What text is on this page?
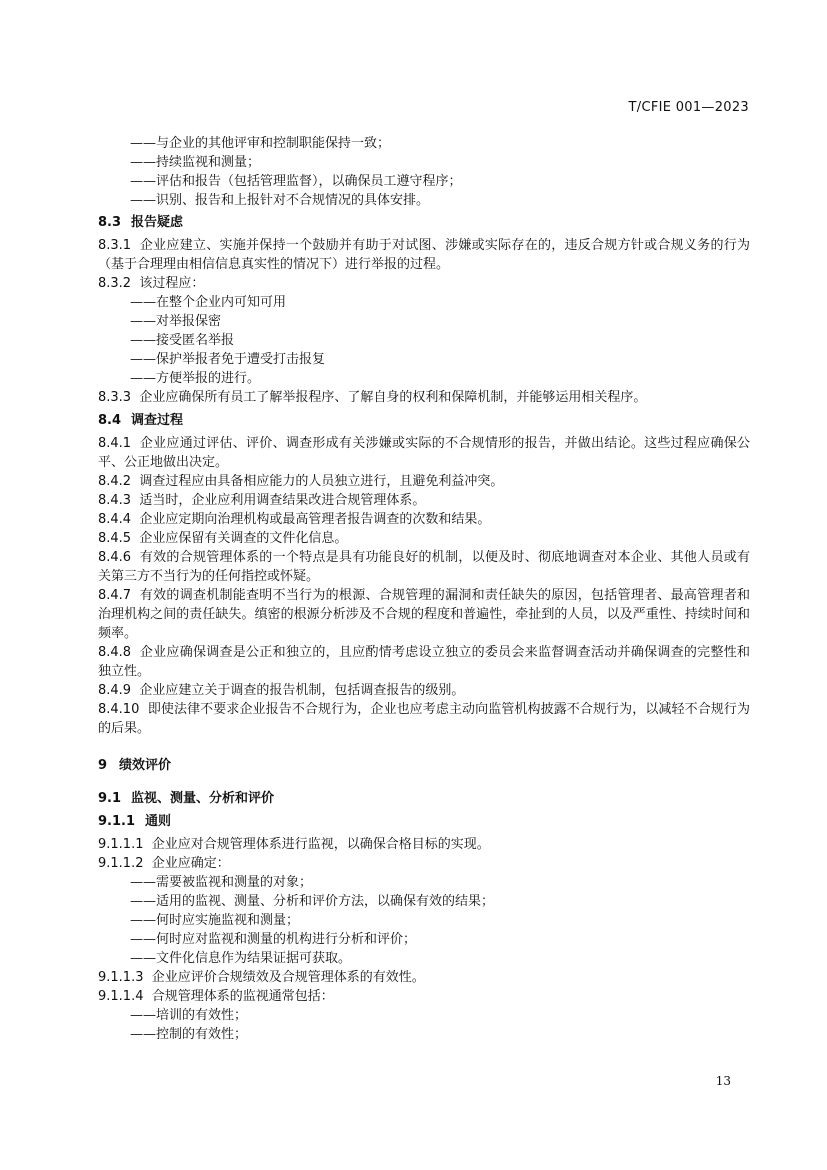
T/CFIE 001—2023

——与企业的其他评审和控制职能保持一致；

——持续监视和测量；

——评估和报告（包括管理监督），以确保员工遵守程序；

——识别、报告和上报针对不合规情况的具体安排。

8.3 报告疑虑

8.3.1 企业应建立、实施并保持一个鼓励并有助于对试图、涉嫌或实际存在的，违反合规方针或合规义务的行为（基于合理理由相信信息真实性的情况下）进行举报的过程。

8.3.2 该过程应：

——在整个企业内可知可用

——对举报保密

——接受匿名举报

——保护举报者免于遭受打击报复

——方便举报的进行。

8.3.3 企业应确保所有员工了解举报程序、了解自身的权利和保障机制，并能够运用相关程序。

8.4 调查过程

8.4.1 企业应通过评估、评价、调查形成有关涉嫌或实际的不合规情形的报告，并做出结论。这些过程应确保公平、公正地做出决定。

8.4.2 调查过程应由具备相应能力的人员独立进行，且避免利益冲突。

8.4.3 适当时，企业应利用调查结果改进合规管理体系。

8.4.4 企业应定期向治理机构或最高管理者报告调查的次数和结果。

8.4.5 企业应保留有关调查的文件化信息。

8.4.6 有效的合规管理体系的一个特点是具有功能良好的机制，以便及时、彻底地调查对本企业、其他人员或有关第三方不当行为的任何指控或怀疑。

8.4.7 有效的调查机制能查明不当行为的根源、合规管理的漏洞和责任缺失的原因，包括管理者、最高管理者和治理机构之间的责任缺失。缜密的根源分析涉及不合规的程度和普遍性，牵扯到的人员，以及严重性、持续时间和频率。

8.4.8 企业应确保调查是公正和独立的，且应酌情考虑设立独立的委员会来监督调查活动并确保调查的完整性和独立性。

8.4.9 企业应建立关于调查的报告机制，包括调查报告的级别。

8.4.10 即使法律不要求企业报告不合规行为，企业也应考虑主动向监管机构披露不合规行为，以减轻不合规行为的后果。

9 绩效评价
9.1 监视、测量、分析和评价
9.1.1 通则

9.1.1.1 企业应对合规管理体系进行监视，以确保合格目标的实现。

9.1.1.2 企业应确定：

——需要被监视和测量的对象；

——适用的监视、测量、分析和评价方法，以确保有效的结果；

——何时应实施监视和测量；

——何时应对监视和测量的机构进行分析和评价；

——文件化信息作为结果证据可获取。

9.1.1.3 企业应评价合规绩效及合规管理体系的有效性。

9.1.1.4 合规管理体系的监视通常包括：

——培训的有效性；

——控制的有效性；

13
